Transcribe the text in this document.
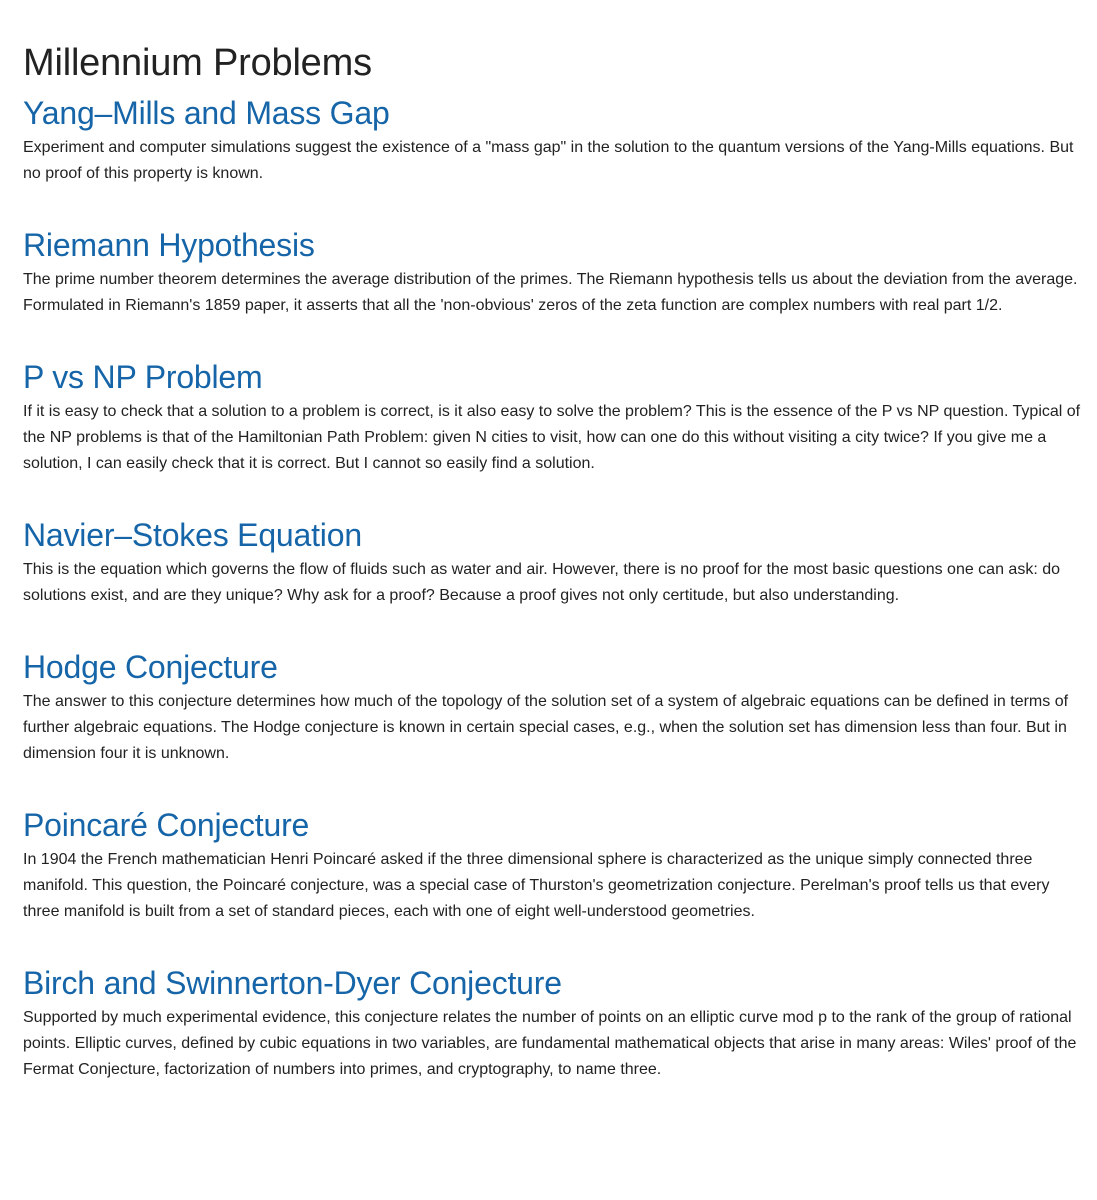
Millennium Problems
Yang–Mills and Mass Gap

Experiment and computer simulations suggest the existence of a "mass gap" in the solution to the quantum versions of the Yang-Mills equations. But no proof of this property is known.

Riemann Hypothesis

The prime number theorem determines the average distribution of the primes. The Riemann hypothesis tells us about the deviation from the average. Formulated in Riemann's 1859 paper, it asserts that all the 'non-obvious' zeros of the zeta function are complex numbers with real part 1/2.

P vs NP Problem

If it is easy to check that a solution to a problem is correct, is it also easy to solve the problem? This is the essence of the P vs NP question. Typical of the NP problems is that of the Hamiltonian Path Problem: given N cities to visit, how can one do this without visiting a city twice? If you give me a solution, I can easily check that it is correct. But I cannot so easily find a solution.

Navier–Stokes Equation

This is the equation which governs the flow of fluids such as water and air. However, there is no proof for the most basic questions one can ask: do solutions exist, and are they unique? Why ask for a proof? Because a proof gives not only certitude, but also understanding.

Hodge Conjecture

The answer to this conjecture determines how much of the topology of the solution set of a system of algebraic equations can be defined in terms of further algebraic equations. The Hodge conjecture is known in certain special cases, e.g., when the solution set has dimension less than four. But in dimension four it is unknown.

Poincaré Conjecture

In 1904 the French mathematician Henri Poincaré asked if the three dimensional sphere is characterized as the unique simply connected three manifold. This question, the Poincaré conjecture, was a special case of Thurston's geometrization conjecture. Perelman's proof tells us that every three manifold is built from a set of standard pieces, each with one of eight well-understood geometries.

Birch and Swinnerton-Dyer Conjecture

Supported by much experimental evidence, this conjecture relates the number of points on an elliptic curve mod p to the rank of the group of rational points. Elliptic curves, defined by cubic equations in two variables, are fundamental mathematical objects that arise in many areas: Wiles' proof of the Fermat Conjecture, factorization of numbers into primes, and cryptography, to name three.
